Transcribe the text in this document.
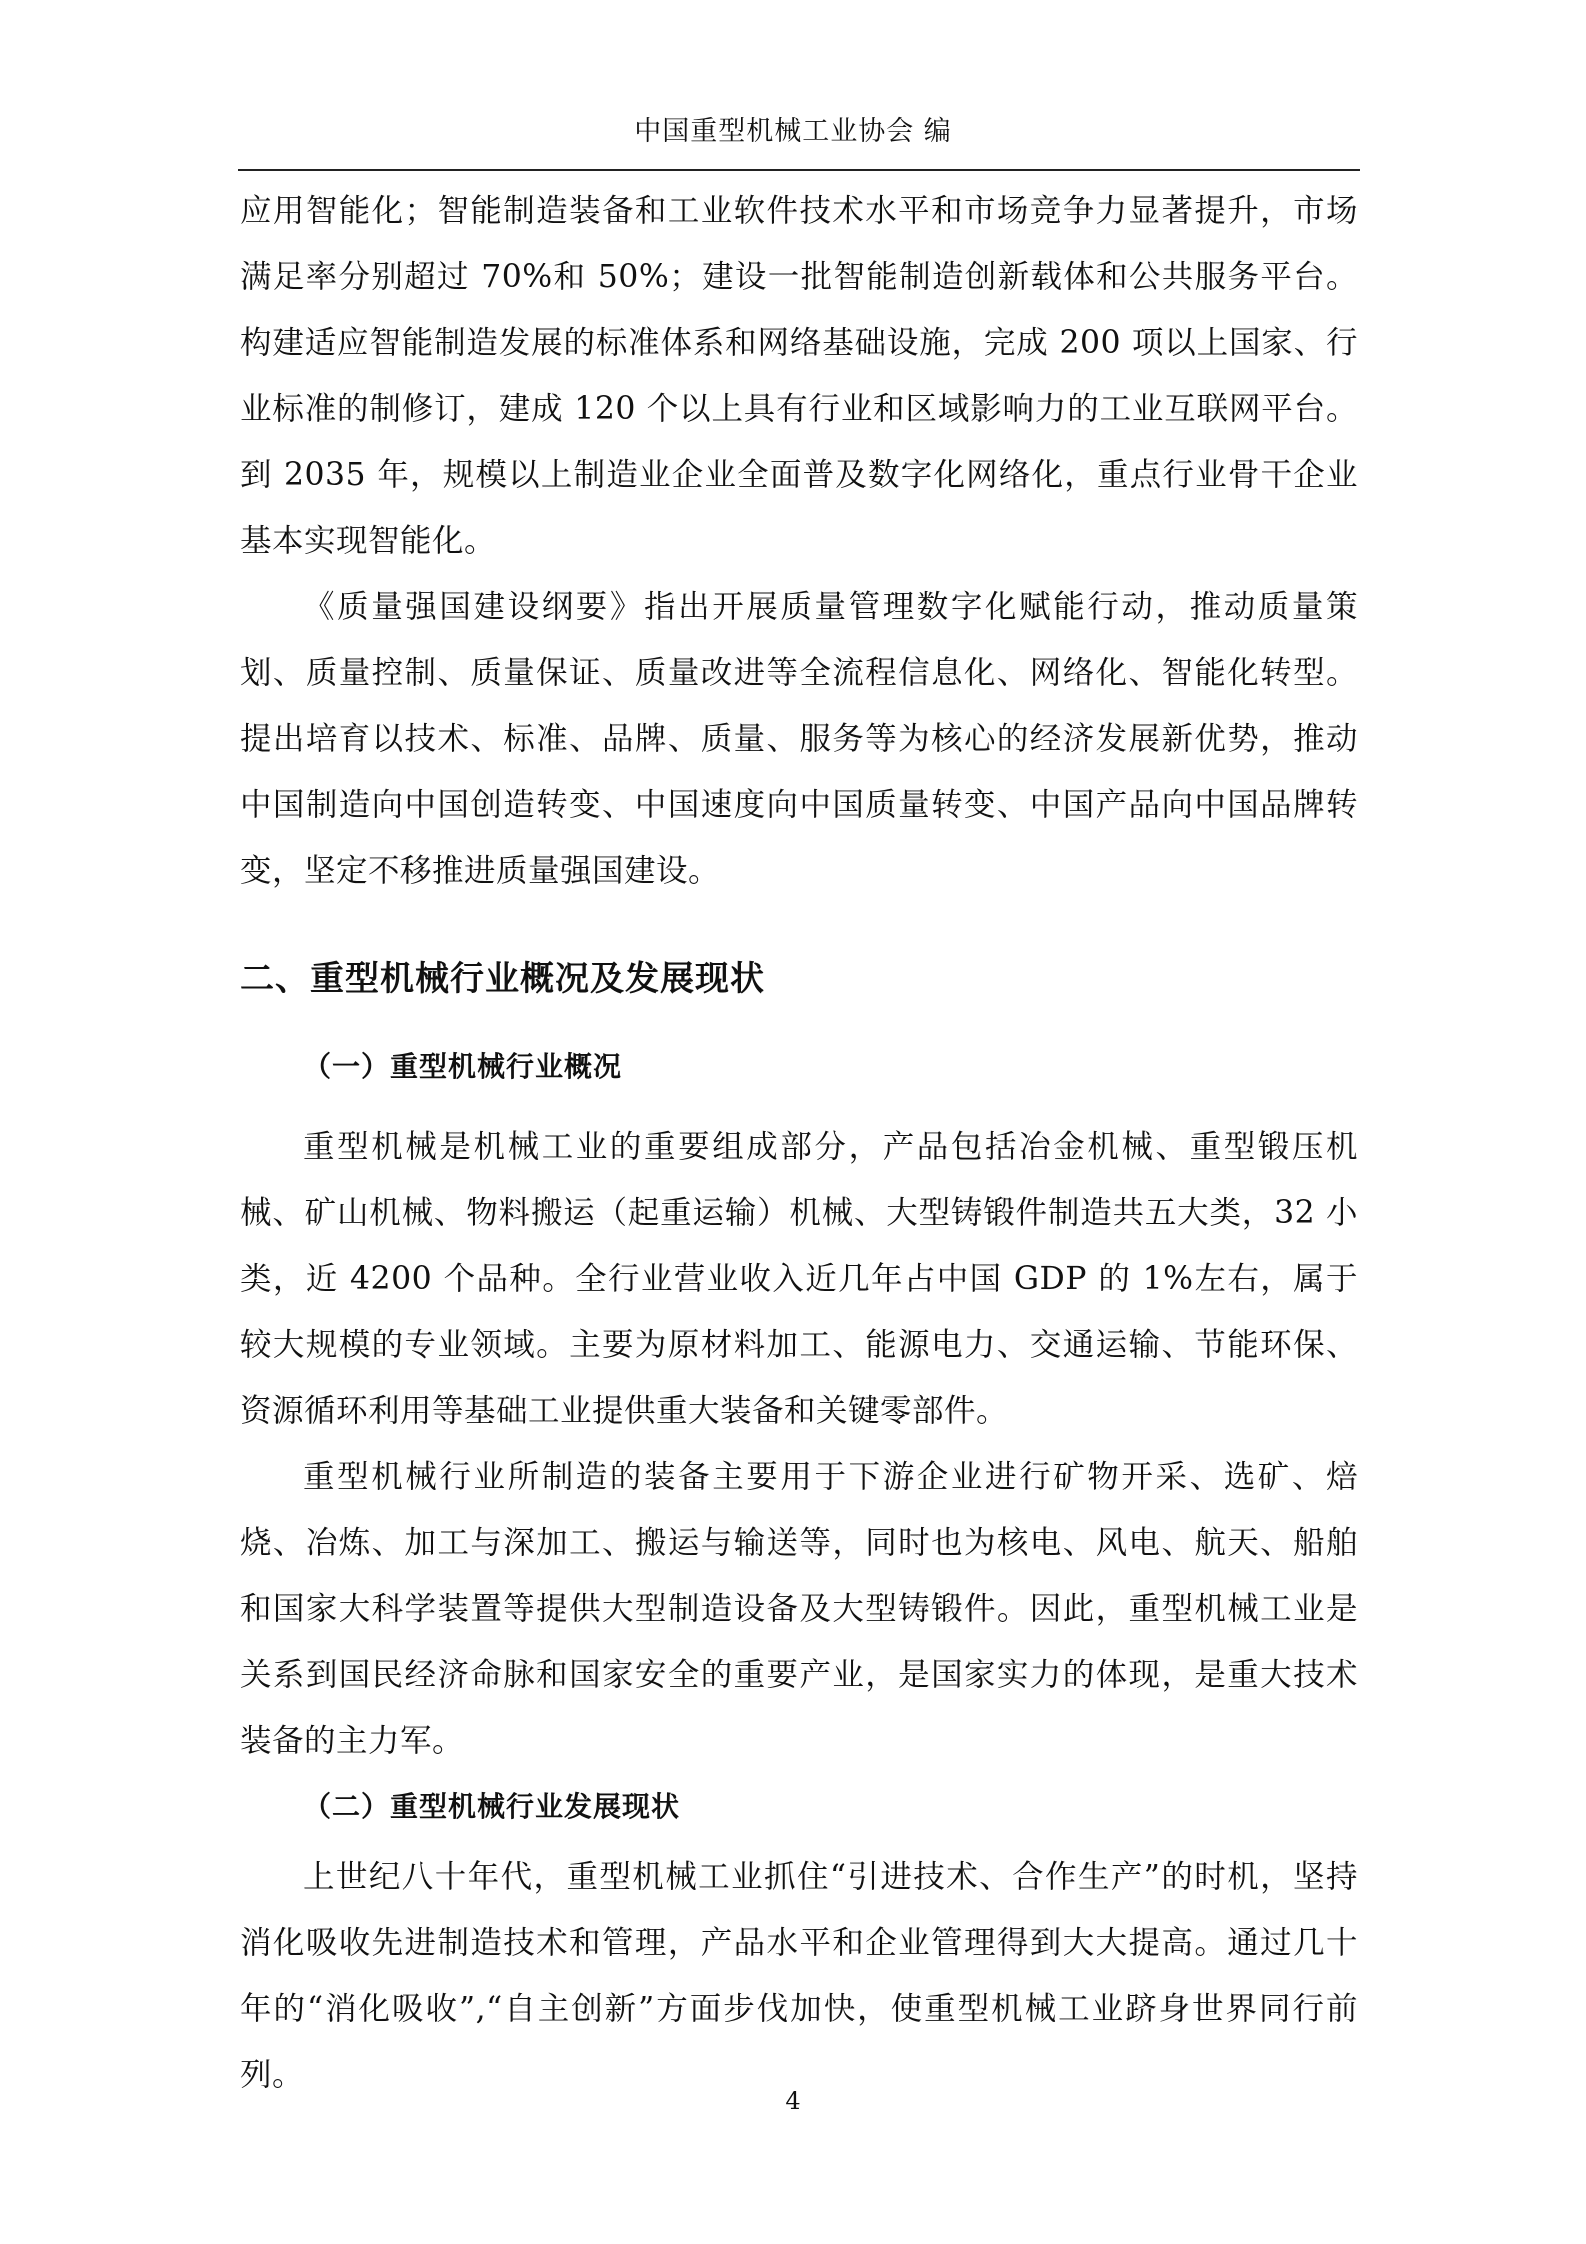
中国重型机械工业协会 编

应用智能化；智能制造装备和工业软件技术水平和市场竞争力显著提升，市场满足率分别超过 70%和 50%；建设一批智能制造创新载体和公共服务平台。构建适应智能制造发展的标准体系和网络基础设施，完成 200 项以上国家、行业标准的制修订，建成 120 个以上具有行业和区域影响力的工业互联网平台。到 2035 年，规模以上制造业企业全面普及数字化网络化，重点行业骨干企业基本实现智能化。

《质量强国建设纲要》指出开展质量管理数字化赋能行动，推动质量策划、质量控制、质量保证、质量改进等全流程信息化、网络化、智能化转型。提出培育以技术、标准、品牌、质量、服务等为核心的经济发展新优势，推动中国制造向中国创造转变、中国速度向中国质量转变、中国产品向中国品牌转变，坚定不移推进质量强国建设。

二、重型机械行业概况及发展现状
（一）重型机械行业概况

重型机械是机械工业的重要组成部分，产品包括冶金机械、重型锻压机械、矿山机械、物料搬运（起重运输）机械、大型铸锻件制造共五大类，32 小类，近 4200 个品种。全行业营业收入近几年占中国 GDP 的 1%左右，属于较大规模的专业领域。主要为原材料加工、能源电力、交通运输、节能环保、资源循环利用等基础工业提供重大装备和关键零部件。

重型机械行业所制造的装备主要用于下游企业进行矿物开采、选矿、焙烧、冶炼、加工与深加工、搬运与输送等，同时也为核电、风电、航天、船舶和国家大科学装置等提供大型制造设备及大型铸锻件。因此，重型机械工业是关系到国民经济命脉和国家安全的重要产业，是国家实力的体现，是重大技术装备的主力军。

（二）重型机械行业发展现状

上世纪八十年代，重型机械工业抓住“引进技术、合作生产”的时机，坚持消化吸收先进制造技术和管理，产品水平和企业管理得到大大提高。通过几十年的“消化吸收”,“自主创新”方面步伐加快，使重型机械工业跻身世界同行前列。

4
